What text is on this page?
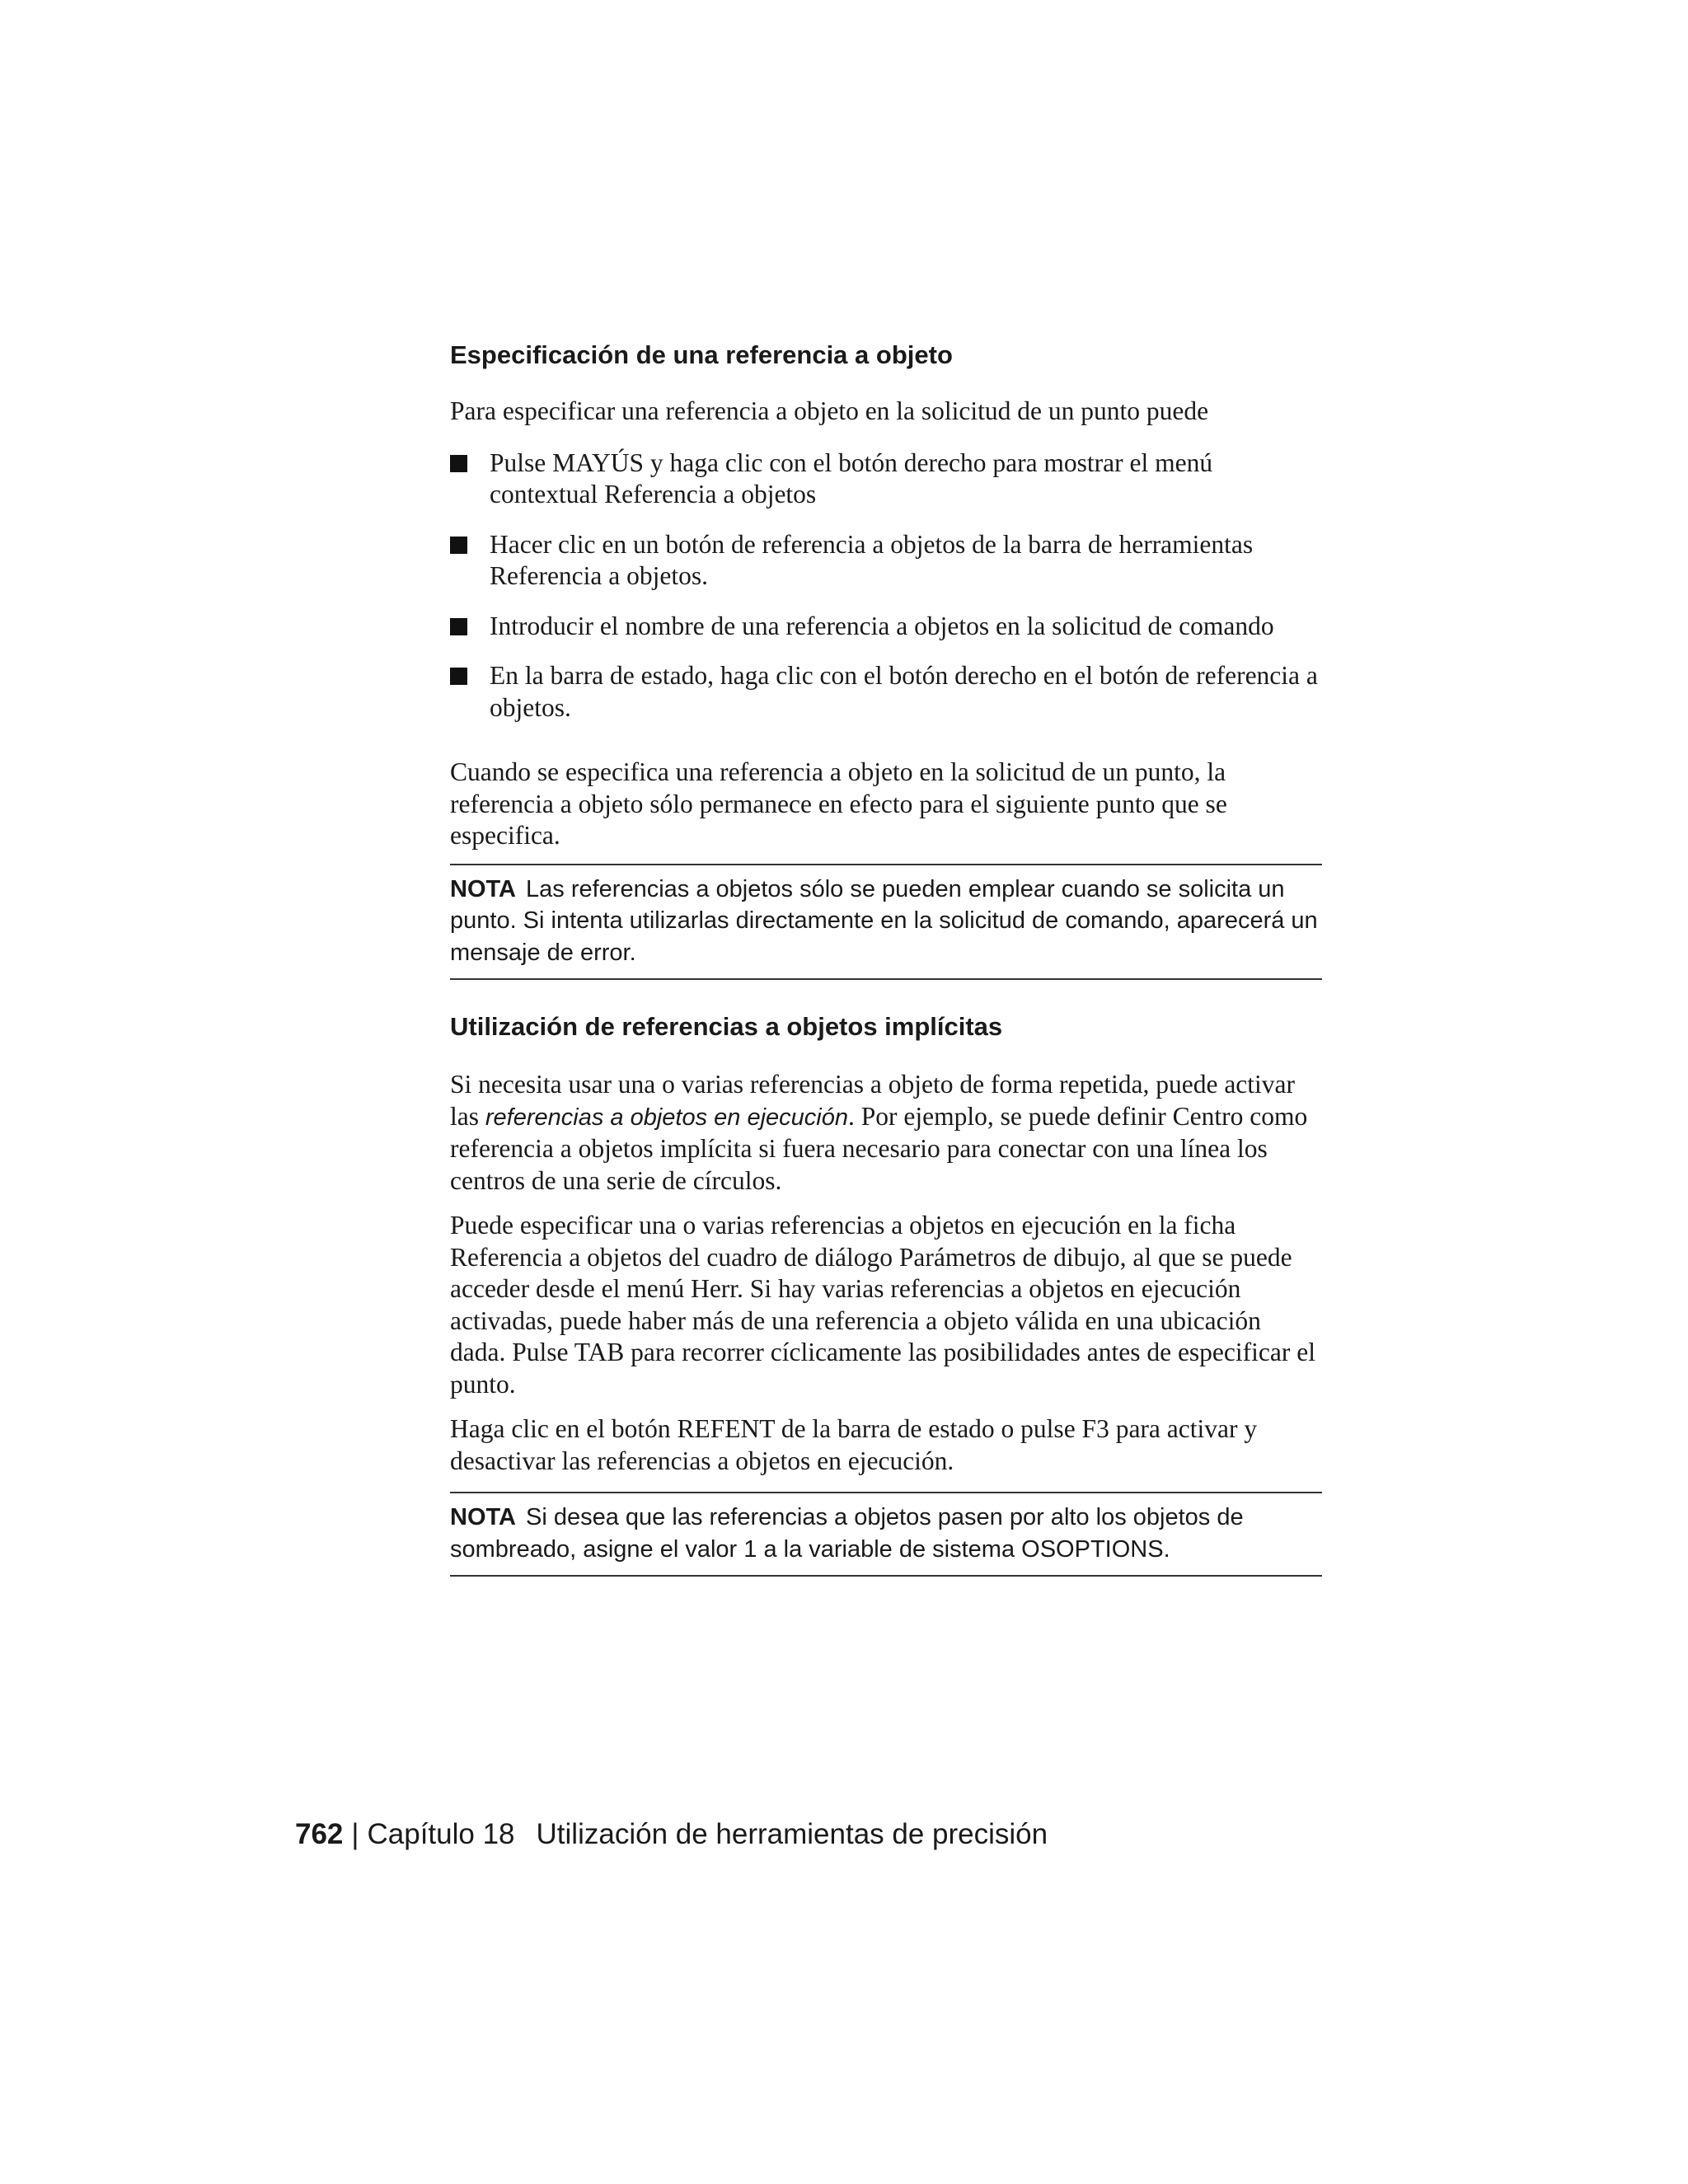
Especificación de una referencia a objeto

Para especificar una referencia a objeto en la solicitud de un punto puede

Pulse MAYÚS y haga clic con el botón derecho para mostrar el menú contextual Referencia a objetos
Hacer clic en un botón de referencia a objetos de la barra de herramientas Referencia a objetos.
Introducir el nombre de una referencia a objetos en la solicitud de comando
En la barra de estado, haga clic con el botón derecho en el botón de referencia a objetos.

Cuando se especifica una referencia a objeto en la solicitud de un punto, la referencia a objeto sólo permanece en efecto para el siguiente punto que se especifica.

NOTA Las referencias a objetos sólo se pueden emplear cuando se solicita un punto. Si intenta utilizarlas directamente en la solicitud de comando, aparecerá un mensaje de error.
Utilización de referencias a objetos implícitas

Si necesita usar una o varias referencias a objeto de forma repetida, puede activar las referencias a objetos en ejecución. Por ejemplo, se puede definir Centro como referencia a objetos implícita si fuera necesario para conectar con una línea los centros de una serie de círculos.

Puede especificar una o varias referencias a objetos en ejecución en la ficha Referencia a objetos del cuadro de diálogo Parámetros de dibujo, al que se puede acceder desde el menú Herr. Si hay varias referencias a objetos en ejecución activadas, puede haber más de una referencia a objeto válida en una ubicación dada. Pulse TAB para recorrer cíclicamente las posibilidades antes de especificar el punto.

Haga clic en el botón REFENT de la barra de estado o pulse F3 para activar y desactivar las referencias a objetos en ejecución.

NOTA Si desea que las referencias a objetos pasen por alto los objetos de sombreado, asigne el valor 1 a la variable de sistema OSOPTIONS.
762 | Capítulo 18 Utilización de herramientas de precisión
